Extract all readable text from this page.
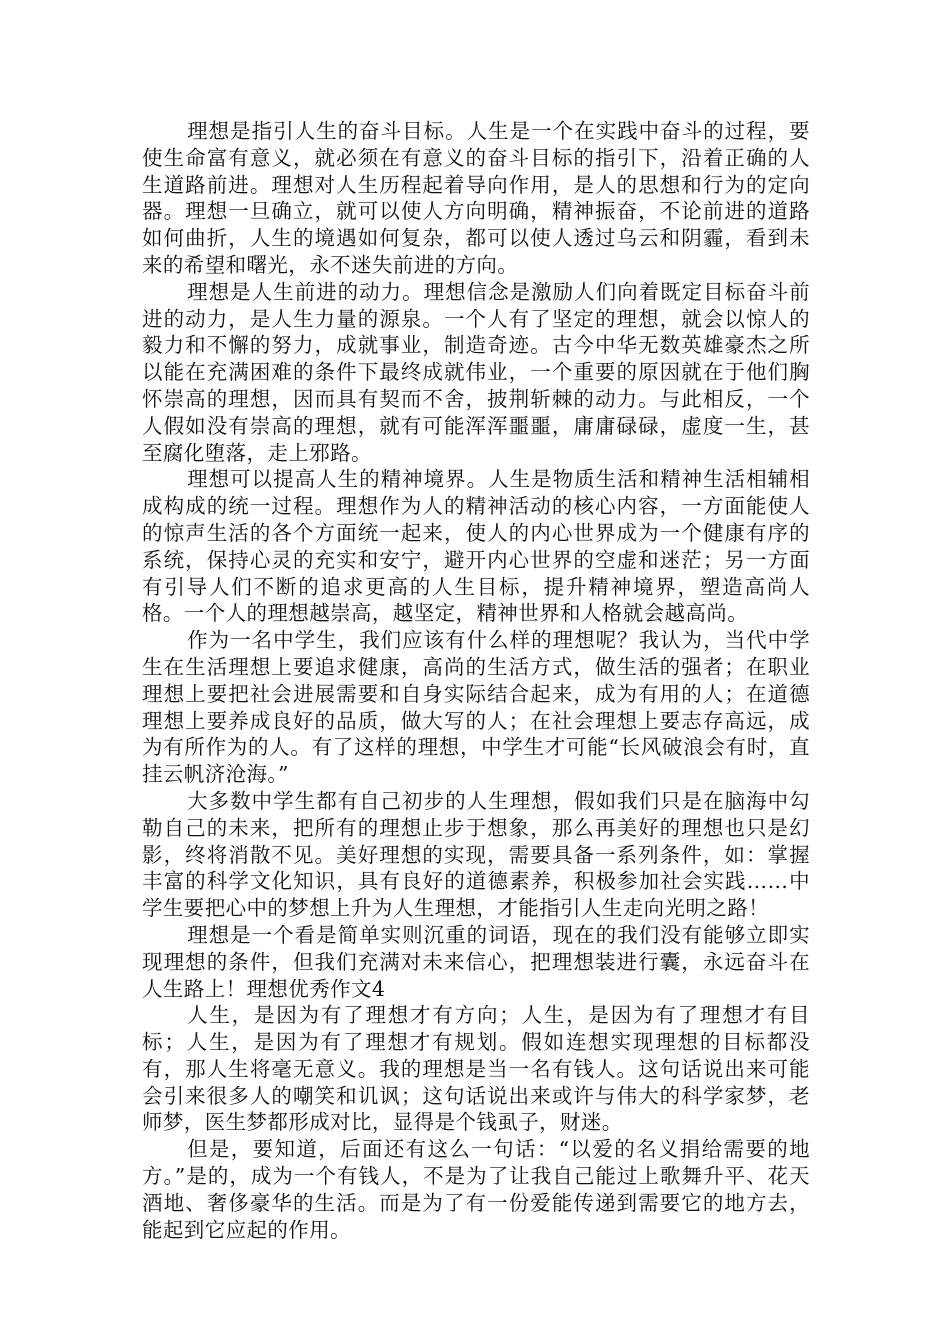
理想是指引人生的奋斗目标。人生是一个在实践中奋斗的过程，要使生命富有意义，就必须在有意义的奋斗目标的指引下，沿着正确的人生道路前进。理想对人生历程起着导向作用，是人的思想和行为的定向器。理想一旦确立，就可以使人方向明确，精神振奋，不论前进的道路如何曲折，人生的境遇如何复杂，都可以使人透过乌云和阴霾，看到未来的希望和曙光，永不迷失前进的方向。

理想是人生前进的动力。理想信念是激励人们向着既定目标奋斗前进的动力，是人生力量的源泉。一个人有了坚定的理想，就会以惊人的毅力和不懈的努力，成就事业，制造奇迹。古今中华无数英雄豪杰之所以能在充满困难的条件下最终成就伟业，一个重要的原因就在于他们胸怀崇高的理想，因而具有契而不舍，披荆斩棘的动力。与此相反，一个人假如没有崇高的理想，就有可能浑浑噩噩，庸庸碌碌，虚度一生，甚至腐化堕落，走上邪路。

理想可以提高人生的精神境界。人生是物质生活和精神生活相辅相成构成的统一过程。理想作为人的精神活动的核心内容，一方面能使人的惊声生活的各个方面统一起来，使人的内心世界成为一个健康有序的系统，保持心灵的充实和安宁，避开内心世界的空虚和迷茫；另一方面有引导人们不断的追求更高的人生目标，提升精神境界，塑造高尚人格。一个人的理想越崇高，越坚定，精神世界和人格就会越高尚。

作为一名中学生，我们应该有什么样的理想呢？我认为，当代中学生在生活理想上要追求健康，高尚的生活方式，做生活的强者；在职业理想上要把社会进展需要和自身实际结合起来，成为有用的人；在道德理想上要养成良好的品质，做大写的人；在社会理想上要志存高远，成为有所作为的人。有了这样的理想，中学生才可能“长风破浪会有时，直挂云帆济沧海。”

大多数中学生都有自己初步的人生理想，假如我们只是在脑海中勾勒自己的未来，把所有的理想止步于想象，那么再美好的理想也只是幻影，终将消散不见。美好理想的实现，需要具备一系列条件，如：掌握丰富的科学文化知识，具有良好的道德素养，积极参加社会实践……中学生要把心中的梦想上升为人生理想，才能指引人生走向光明之路！

理想是一个看是简单实则沉重的词语，现在的我们没有能够立即实现理想的条件，但我们充满对未来信心，把理想装进行囊，永远奋斗在人生路上！理想优秀作文4

人生，是因为有了理想才有方向；人生，是因为有了理想才有目标；人生，是因为有了理想才有规划。假如连想实现理想的目标都没有，那人生将毫无意义。我的理想是当一名有钱人。这句话说出来可能会引来很多人的嘲笑和讥讽；这句话说出来或许与伟大的科学家梦，老师梦，医生梦都形成对比，显得是个钱虱子，财迷。

但是，要知道，后面还有这么一句话：“以爱的名义捐给需要的地方。”是的，成为一个有钱人，不是为了让我自己能过上歌舞升平、花天酒地、奢侈豪华的生活。而是为了有一份爱能传递到需要它的地方去，能起到它应起的作用。
